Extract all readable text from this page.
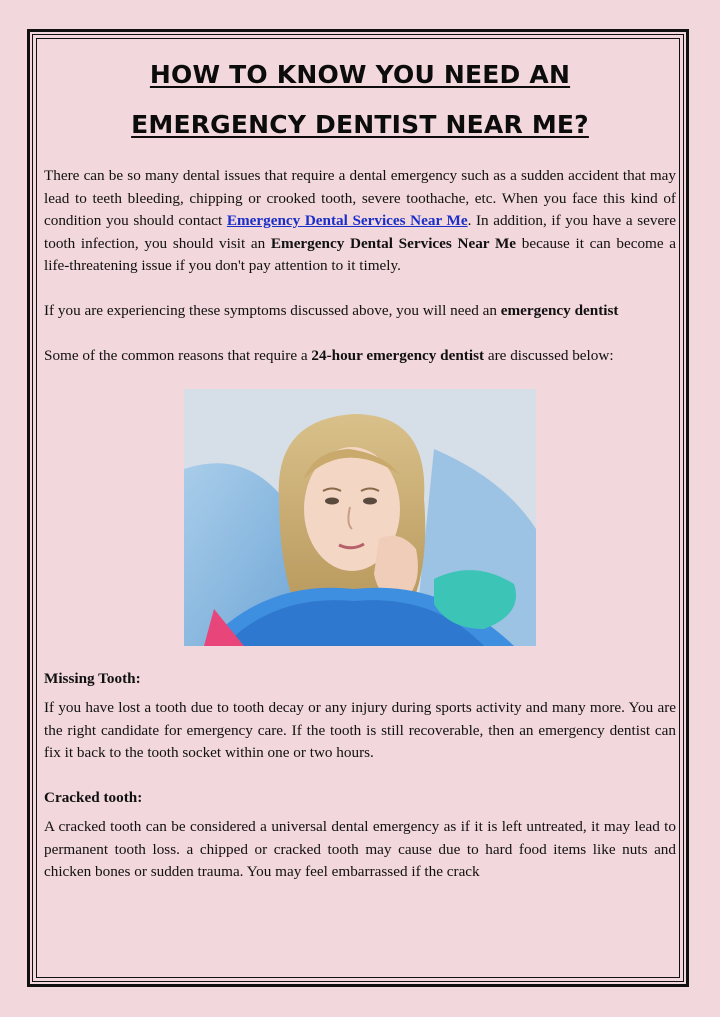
HOW TO KNOW YOU NEED AN
EMERGENCY DENTIST NEAR ME?

There can be so many dental issues that require a dental emergency such as a sudden accident that may lead to teeth bleeding, chipping or crooked tooth, severe toothache, etc. When you face this kind of condition you should contact Emergency Dental Services Near Me. In addition, if you have a severe tooth infection, you should visit an Emergency Dental Services Near Me because it can become a life-threatening issue if you don't pay attention to it timely.

If you are experiencing these symptoms discussed above, you will need an emergency dentist

Some of the common reasons that require a 24-hour emergency dentist are discussed below:

Missing Tooth:

If you have lost a tooth due to tooth decay or any injury during sports activity and many more. You are the right candidate for emergency care. If the tooth is still recoverable, then an emergency dentist can fix it back to the tooth socket within one or two hours.

Cracked tooth:

A cracked tooth can be considered a universal dental emergency as if it is left untreated, it may lead to permanent tooth loss. a chipped or cracked tooth may cause due to hard food items like nuts and chicken bones or sudden trauma. You may feel embarrassed if the crack
